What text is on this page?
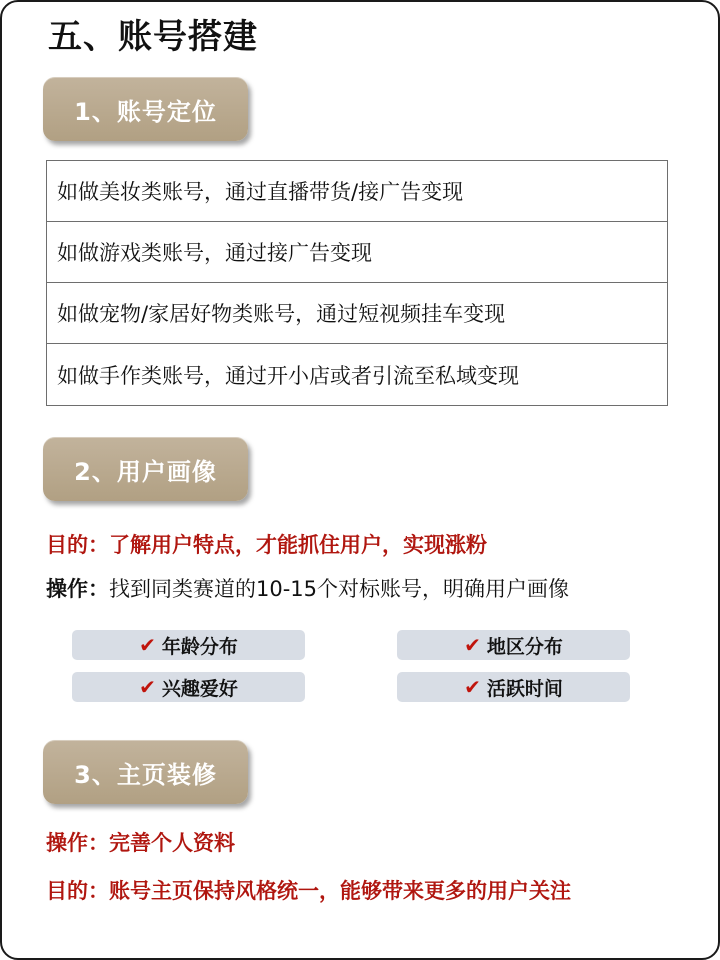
五、账号搭建
1、账号定位
如做美妆类账号，通过直播带货/接广告变现
如做游戏类账号，通过接广告变现
如做宠物/家居好物类账号，通过短视频挂车变现
如做手作类账号，通过开小店或者引流至私域变现
2、用户画像
目的：了解用户特点，才能抓住用户，实现涨粉
操作：找到同类赛道的10-15个对标账号，明确用户画像
✔ 年龄分布	✔ 地区分布
✔ 兴趣爱好	✔ 活跃时间
3、主页装修
操作：完善个人资料
目的：账号主页保持风格统一，能够带来更多的用户关注
